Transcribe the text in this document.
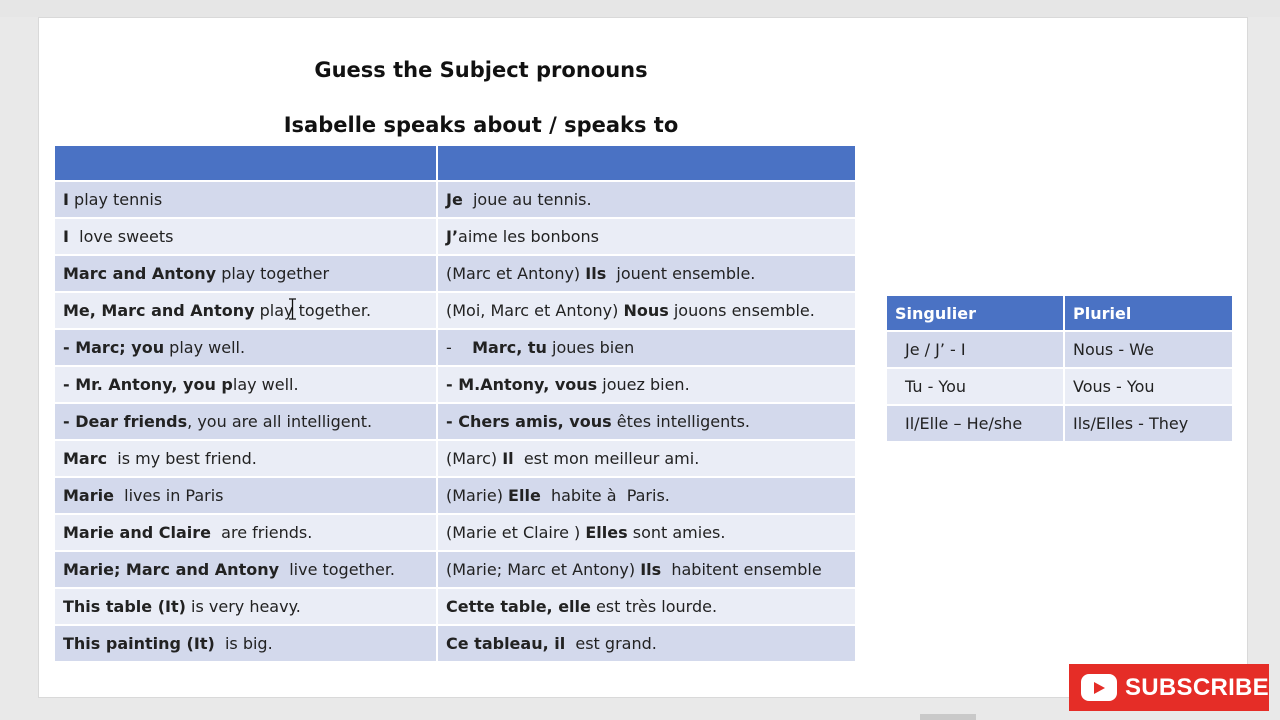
Guess the Subject pronouns
Isabelle speaks about / speaks to

I play tennis	Je  joue au tennis.
I  love sweets	J’aime les bonbons
Marc and Antony play together	(Marc et Antony) Ils  jouent ensemble.
Me, Marc and Antony play together.	(Moi, Marc et Antony) Nous jouons ensemble.
- Marc; you play well.	-    Marc, tu joues bien
- Mr. Antony, you play well.	- M.Antony, vous jouez bien.
- Dear friends, you are all intelligent.	- Chers amis, vous êtes intelligents.
Marc  is my best friend.	(Marc) Il  est mon meilleur ami.
Marie  lives in Paris	(Marie) Elle  habite à  Paris.
Marie and Claire  are friends.	(Marie et Claire ) Elles sont amies.
Marie; Marc and Antony  live together.	(Marie; Marc et Antony) Ils  habitent ensemble
This table (It) is very heavy.	Cette table, elle est très lourde.
This painting (It)  is big.	Ce tableau, il  est grand.
Singulier	Pluriel
Je / J’ - I	Nous - We
Tu - You	Vous - You
Il/Elle – He/she	Ils/Elles - They
SUBSCRIBE
